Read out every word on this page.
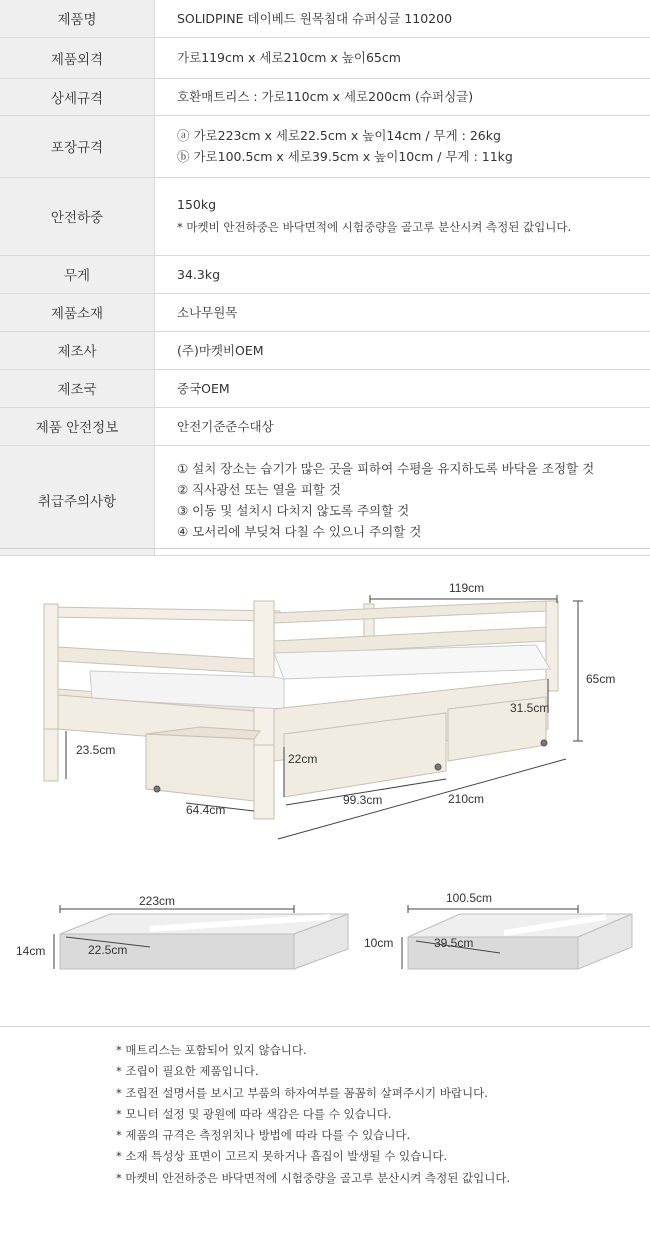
제품명	SOLIDPINE 데이베드 원목침대 슈퍼싱글 110200

제품외격	가로119cm x 세로210cm x 높이65cm

상세규격	호환매트리스 : 가로110cm x 세로200cm (슈퍼싱글)

포장규격	ⓐ 가로223cm x 세로22.5cm x 높이14cm / 무게 : 26kg
ⓑ 가로100.5cm x 세로39.5cm x 높이10cm / 무게 : 11kg

안전하중	150kg
* 마켓비 안전하중은 바닥면적에 시험중량을 골고루 분산시켜 측정된 값입니다.

무게	34.3kg

제품소재	소나무원목

제조사	(주)마켓비OEM

제조국	중국OEM

제품 안전정보	안전기준준수대상

취급주의사항	① 설치 장소는 습기가 많은 곳을 피하여 수평을 유지하도록 바닥을 조정할 것
② 직사광선 또는 열을 피할 것
③ 이동 및 설치시 다치지 않도록 주의할 것
④ 모서리에 부딪쳐 다칠 수 있으니 주의할 것
119cm
65cm
31.5cm
23.5cm
22cm
99.3cm	210cm
64.4cm
223cm
14cm	22.5cm
100.5cm
10cm	39.5cm
* 매트리스는 포함되어 있지 않습니다.
* 조립이 필요한 제품입니다.
* 조립전 설명서를 보시고 부품의 하자여부를 꼼꼼히 살펴주시기 바랍니다.
* 모니터 설정 및 광원에 따라 색감은 다를 수 있습니다.
* 제품의 규격은 측정위치나 방법에 따라 다를 수 있습니다.
* 소재 특성상 표면이 고르지 못하거나 흠집이 발생될 수 있습니다.
* 마켓비 안전하중은 바닥면적에 시험중량을 골고루 분산시켜 측정된 값입니다.
